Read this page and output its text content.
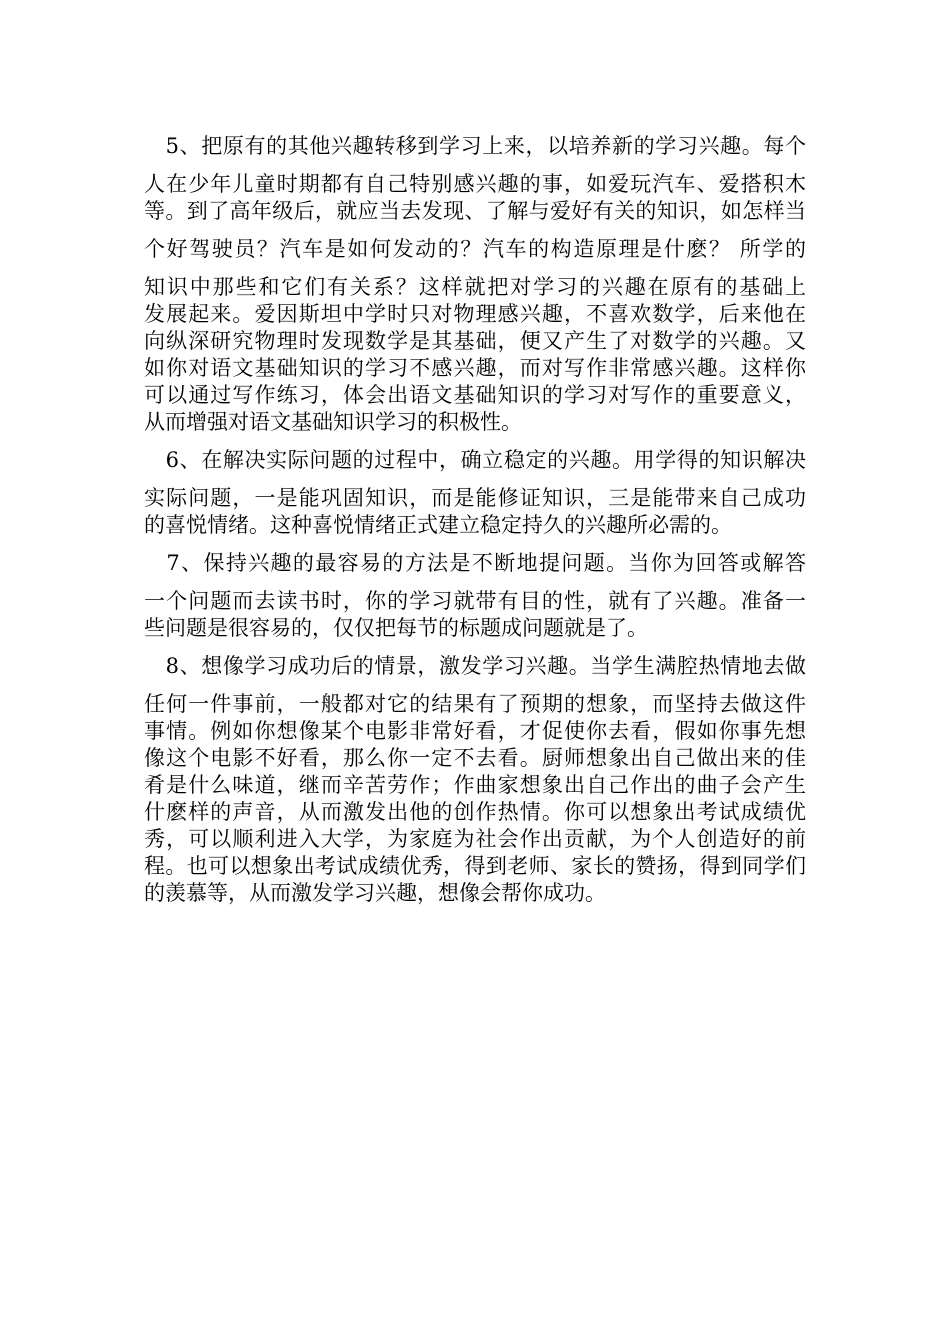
　5、把原有的其他兴趣转移到学习上来，以培养新的学习兴趣。每个
人在少年儿童时期都有自己特别感兴趣的事，如爱玩汽车、爱搭积木
等。到了高年级后，就应当去发现、了解与爱好有关的知识，如怎样当
个好驾驶员？汽车是如何发动的？汽车的构造原理是什麽？ 所学的
知识中那些和它们有关系？这样就把对学习的兴趣在原有的基础上
发展起来。爱因斯坦中学时只对物理感兴趣，不喜欢数学，后来他在
向纵深研究物理时发现数学是其基础，便又产生了对数学的兴趣。又
如你对语文基础知识的学习不感兴趣，而对写作非常感兴趣。这样你
可以通过写作练习，体会出语文基础知识的学习对写作的重要意义，
从而增强对语文基础知识学习的积极性。
　6、在解决实际问题的过程中，确立稳定的兴趣。用学得的知识解决
实际问题，一是能巩固知识，而是能修证知识，三是能带来自己成功
的喜悦情绪。这种喜悦情绪正式建立稳定持久的兴趣所必需的。
　7、保持兴趣的最容易的方法是不断地提问题。当你为回答或解答
一个问题而去读书时，你的学习就带有目的性，就有了兴趣。准备一
些问题是很容易的，仅仅把每节的标题成问题就是了。
　8、想像学习成功后的情景，激发学习兴趣。当学生满腔热情地去做
任何一件事前，一般都对它的结果有了预期的想象，而坚持去做这件
事情。例如你想像某个电影非常好看，才促使你去看，假如你事先想
像这个电影不好看，那么你一定不去看。厨师想象出自己做出来的佳
肴是什么味道，继而辛苦劳作；作曲家想象出自己作出的曲子会产生
什麽样的声音，从而激发出他的创作热情。你可以想象出考试成绩优
秀，可以顺利进入大学，为家庭为社会作出贡献，为个人创造好的前
程。也可以想象出考试成绩优秀，得到老师、家长的赞扬，得到同学们
的羡慕等，从而激发学习兴趣，想像会帮你成功。
